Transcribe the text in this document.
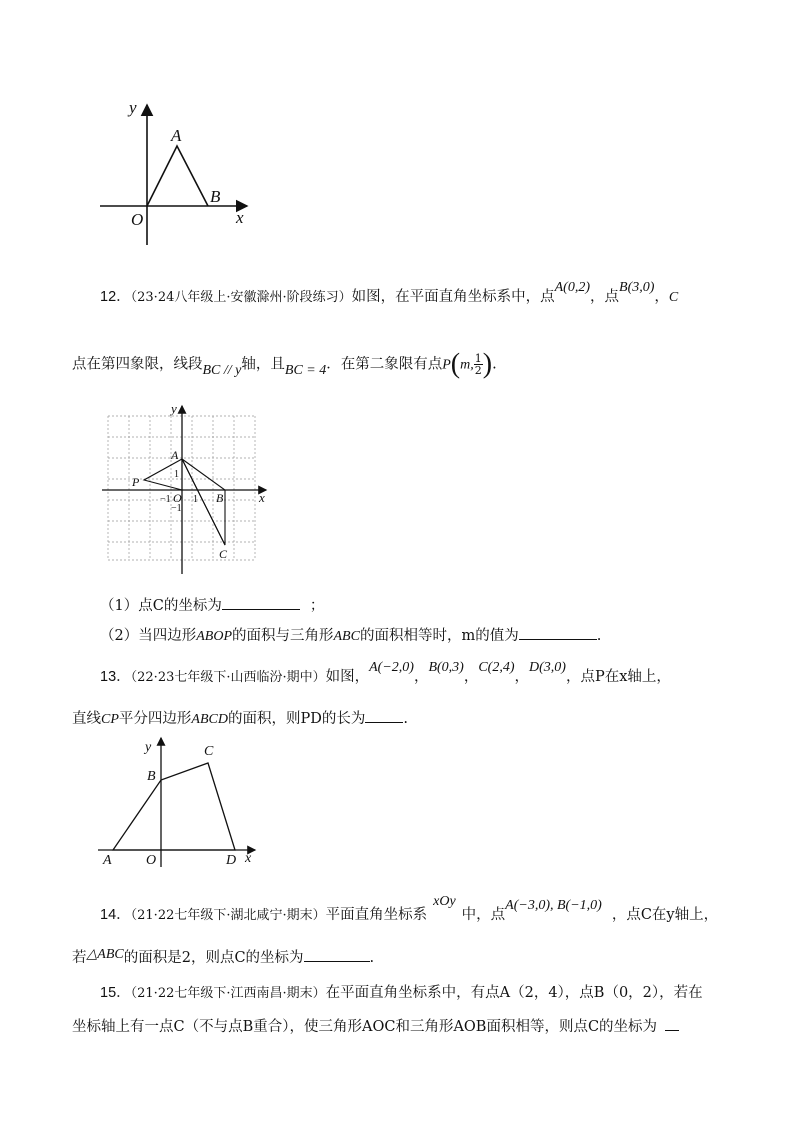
y
x
O
A
B
12．（23·24八年级上·安徽滁州·阶段练习）如图，在平面直角坐标系中，点A(0,2)，点B(3,0)，C
点在第四象限，线段BC // y轴，且BC = 4．在第二象限有点P(m, $\frac{1}{2}$ ).
y
x
A
B
C
P
O
1
1
−1
−1
（1）点C的坐标为	；
（2）当四边形ABOP的面积与三角形ABC的面积相等时，m的值为	.
13．（22·23七年级下·山西临汾·期中）如图，A(−2,0)，B(0,3)，C(2,4)，D(3,0)，点P在x轴上，
直线CP平分四边形ABCD的面积，则PD的长为	.
y
x
A O
B
C
D
14．（21·22七年级下·湖北咸宁·期末）平面直角坐标系xOy中，点A(−3,0), B(−1,0)，点C在y轴上，
若△ABC的面积是2，则点C的坐标为	.
15．（21·22七年级下·江西南昌·期末）在平面直角坐标系中，有点A（2，4），点B（0，2），若在
坐标轴上有一点C（不与点B重合），使三角形AOC和三角形AOB面积相等，则点C的坐标为
